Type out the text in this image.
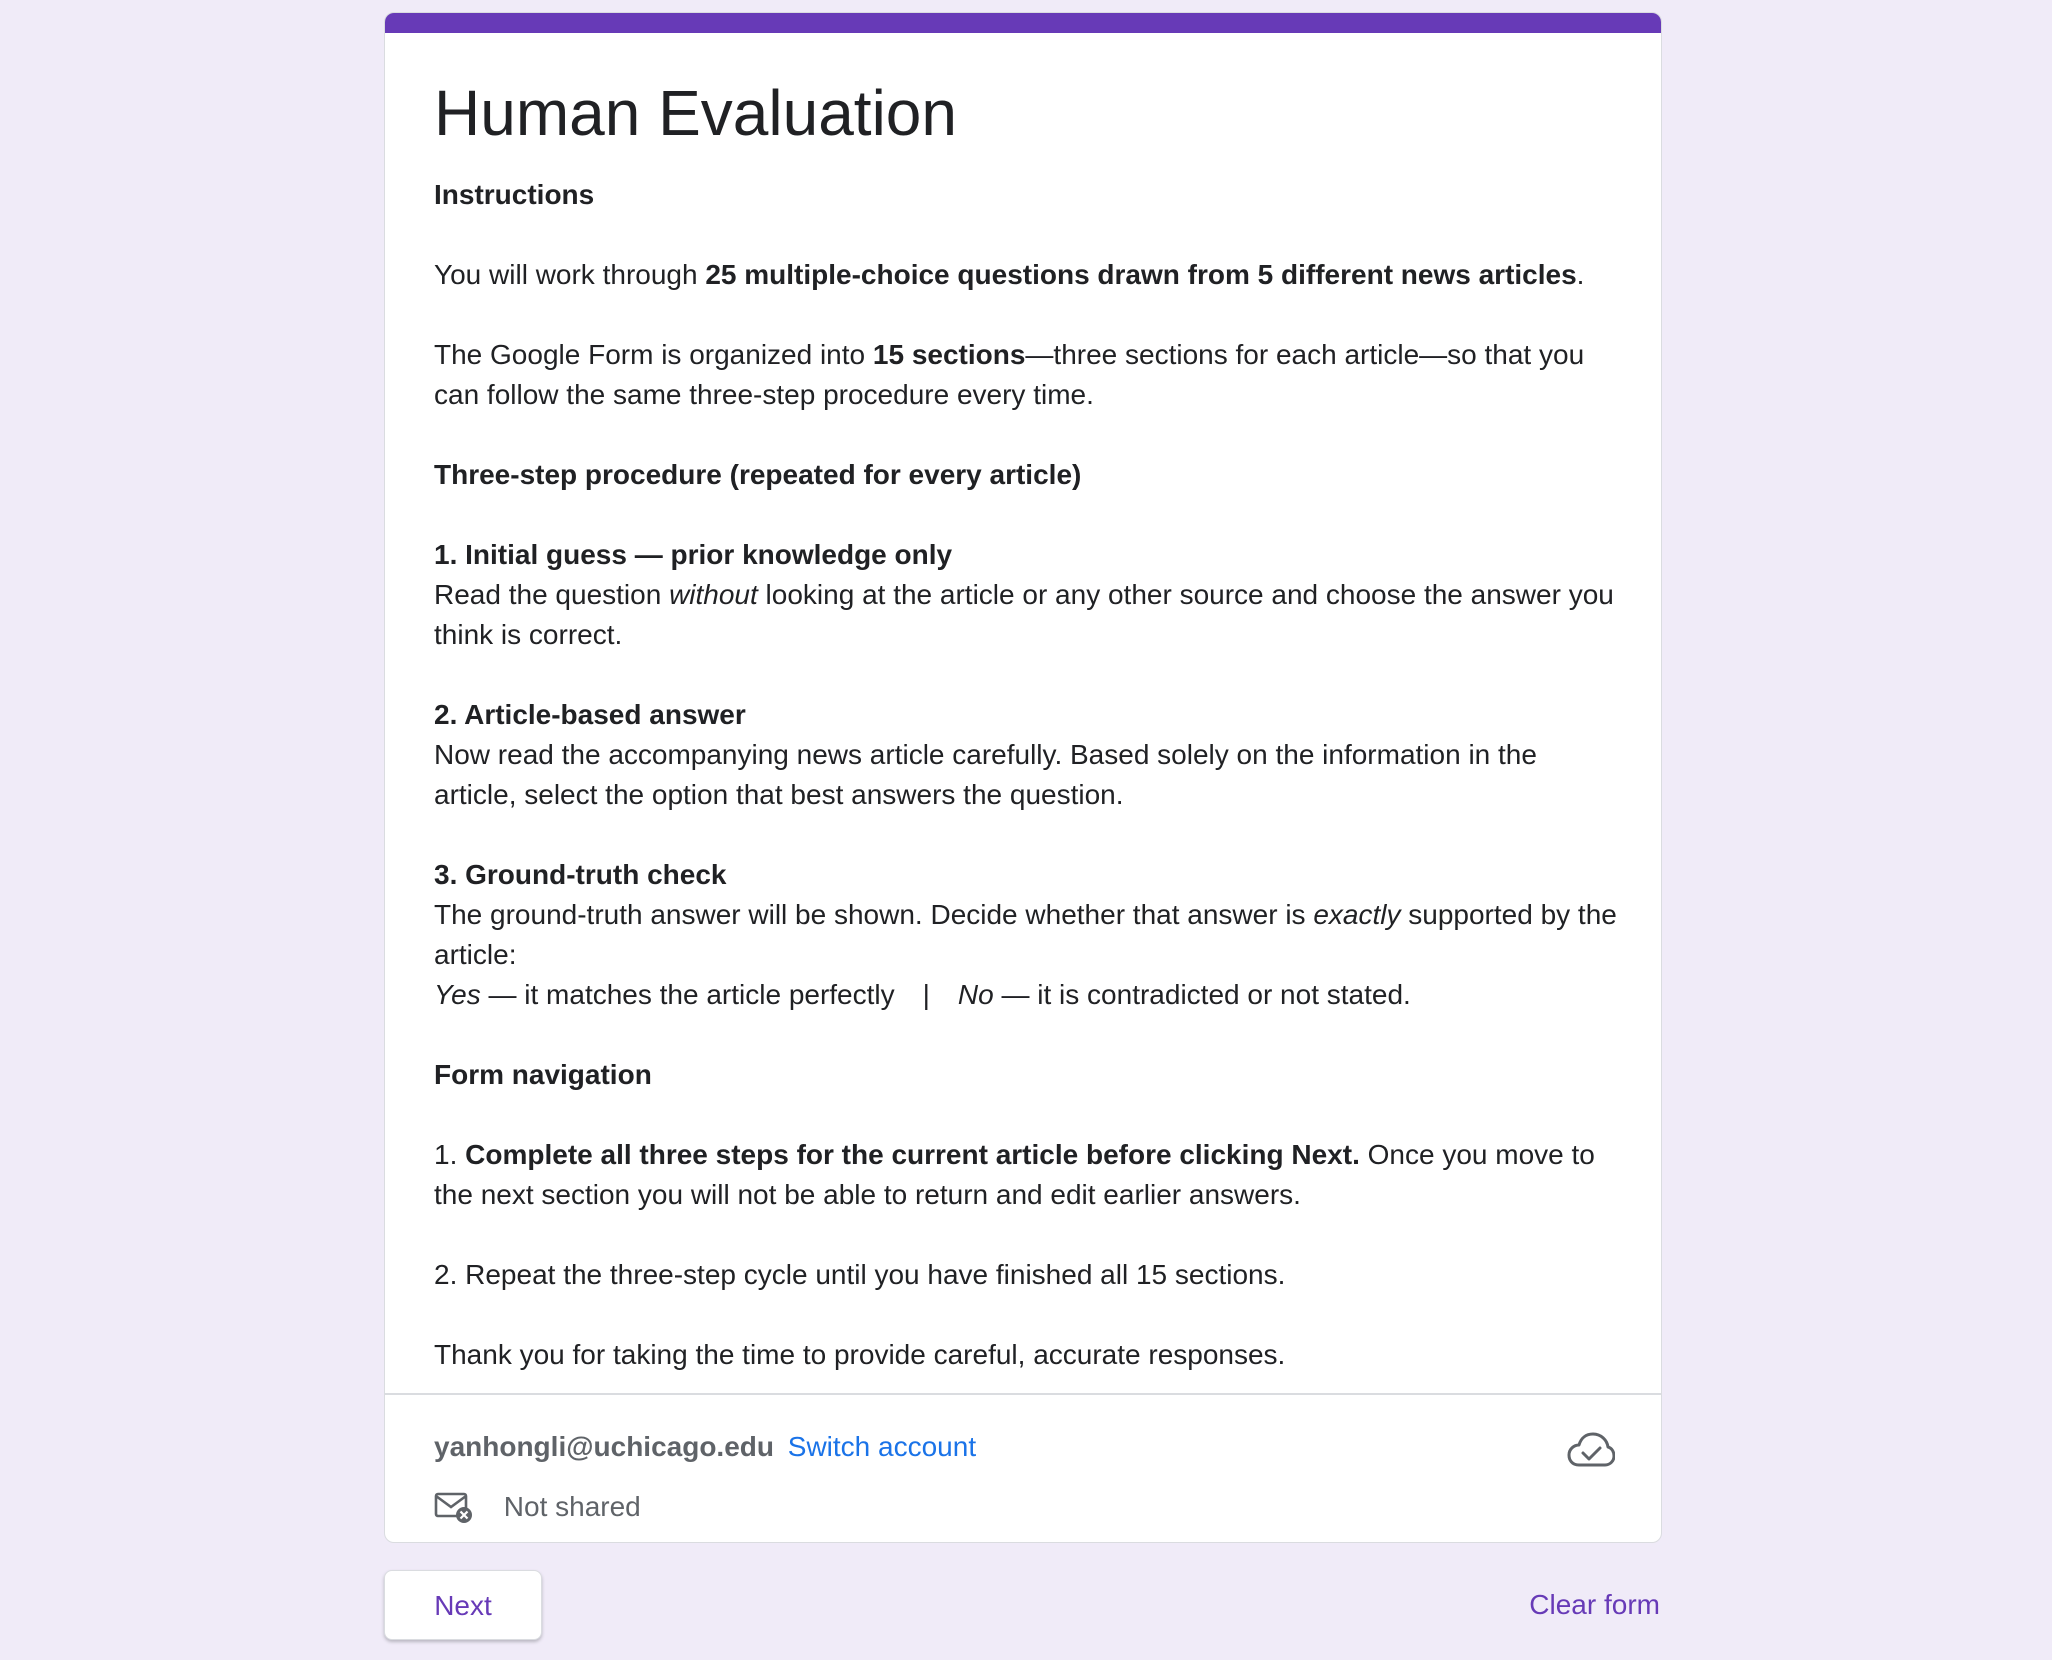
Human Evaluation

Instructions

You will work through 25 multiple-choice questions drawn from 5 different news articles.

The Google Form is organized into 15 sections—three sections for each article—so that you can follow the same three-step procedure every time.

Three-step procedure (repeated for every article)

1. Initial guess — prior knowledge only

Read the question without looking at the article or any other source and choose the answer you think is correct.

2. Article-based answer

Now read the accompanying news article carefully. Based solely on the information in the article, select the option that best answers the question.

3. Ground-truth check

The ground-truth answer will be shown. Decide whether that answer is exactly supported by the article:

Yes — it matches the article perfectly | No — it is contradicted or not stated.

Form navigation

1. Complete all three steps for the current article before clicking Next. Once you move to the next section you will not be able to return and edit earlier answers.

2. Repeat the three-step cycle until you have finished all 15 sections.

Thank you for taking the time to provide careful, accurate responses.

yanhongli@uchicago.edu Switch account
Not shared
Next	Clear form
